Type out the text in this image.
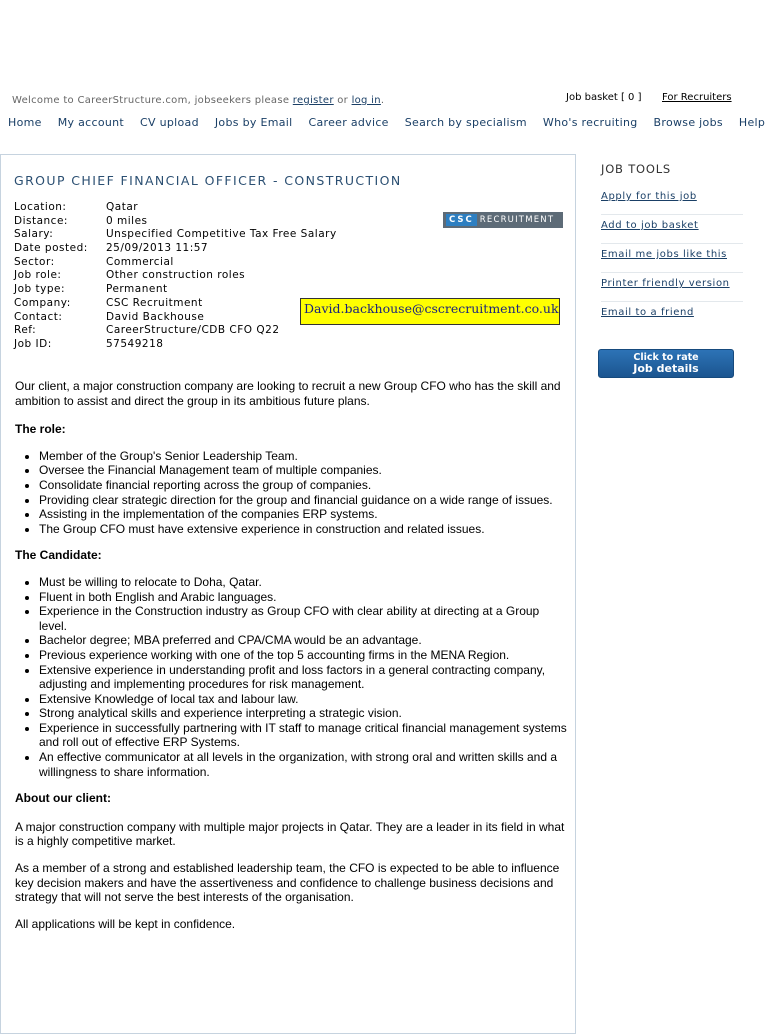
Welcome to CareerStructure.com, jobseekers please register or log in.	Job basket [ 0 ] For Recruiters
Home My account CV upload Jobs by Email Career advice Search by specialism Who's recruiting Browse jobs Help
GROUP CHIEF FINANCIAL OFFICER - CONSTRUCTION
Location:	Qatar
Distance:	0 miles
Salary:	Unspecified Competitive Tax Free Salary
Date posted:	25/09/2013 11:57
Sector:	Commercial
Job role:	Other construction roles
Job type:	Permanent
Company:	CSC Recruitment
Contact:	David Backhouse
Ref:	CareerStructure/CDB CFO Q22
Job ID:	57549218
CSC RECRUITMENT
David.backhouse@cscrecruitment.co.uk

Our client, a major construction company are looking to recruit a new Group CFO who has the skill and ambition to assist and direct the group in its ambitious future plans.

The role:

• Member of the Group's Senior Leadership Team.
• Oversee the Financial Management team of multiple companies.
• Consolidate financial reporting across the group of companies.
• Providing clear strategic direction for the group and financial guidance on a wide range of issues.
• Assisting in the implementation of the companies ERP systems.
• The Group CFO must have extensive experience in construction and related issues.

The Candidate:

• Must be willing to relocate to Doha, Qatar.
• Fluent in both English and Arabic languages.
• Experience in the Construction industry as Group CFO with clear ability at directing at a Group level.
• Bachelor degree; MBA preferred and CPA/CMA would be an advantage.
• Previous experience working with one of the top 5 accounting firms in the MENA Region.
• Extensive experience in understanding profit and loss factors in a general contracting company, adjusting and implementing procedures for risk management.
• Extensive Knowledge of local tax and labour law.
• Strong analytical skills and experience interpreting a strategic vision.
• Experience in successfully partnering with IT staff to manage critical financial management systems and roll out of effective ERP Systems.
• An effective communicator at all levels in the organization, with strong oral and written skills and a willingness to share information.

About our client:

A major construction company with multiple major projects in Qatar. They are a leader in its field in what is a highly competitive market.

As a member of a strong and established leadership team, the CFO is expected to be able to influence key decision makers and have the assertiveness and confidence to challenge business decisions and strategy that will not serve the best interests of the organisation.

All applications will be kept in confidence.

JOB TOOLS
Apply for this job
Add to job basket
Email me jobs like this
Printer friendly version
Email to a friend
Click to rate
Job details
